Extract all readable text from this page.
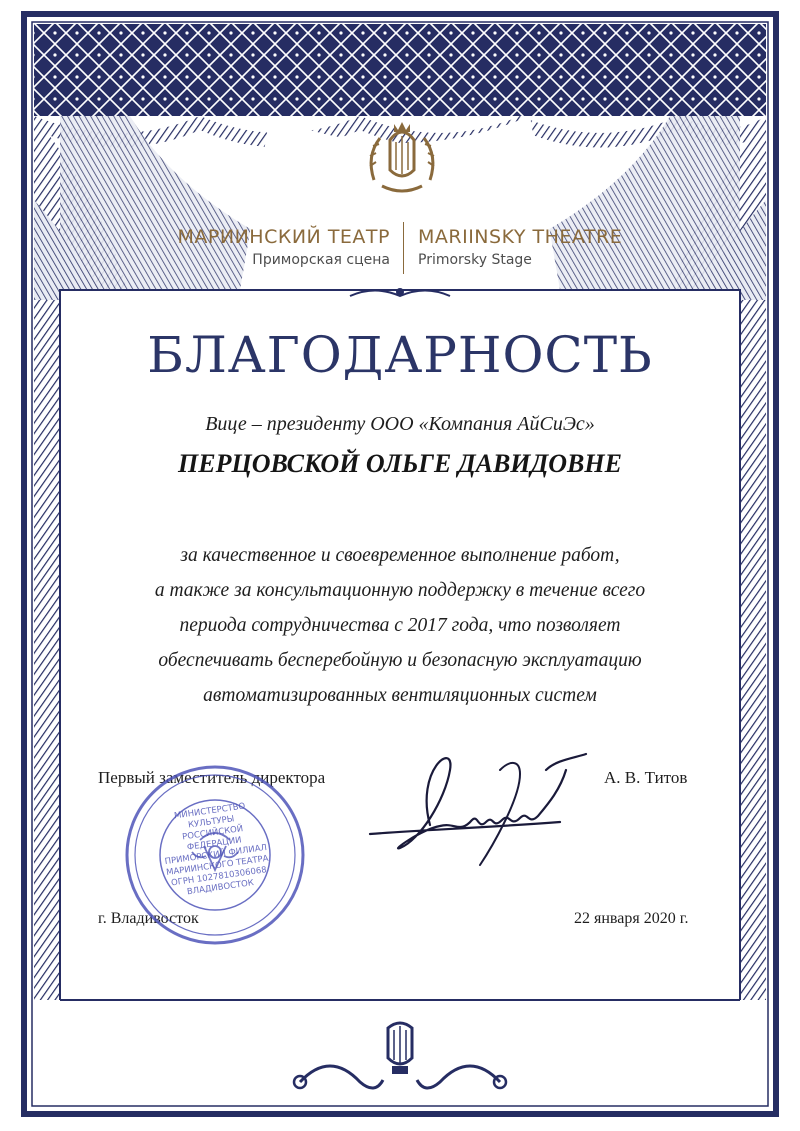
МАРИИНСКИЙ ТЕАТР
Приморская сцена
MARIINSKY THEATRE
Primorsky Stage
БЛАГОДАРНОСТЬ
Вице – президенту ООО «Компания АйСиЭс»
ПЕРЦОВСКОЙ ОЛЬГЕ ДАВИДОВНЕ
за качественное и своевременное выполнение работ,
а также за консультационную поддержку в течение всего
периода сотрудничества с 2017 года, что позволяет
обеспечивать бесперебойную и безопасную эксплуатацию
автоматизированных вентиляционных систем
Первый заместитель директора	А. В. Титов
г. Владивосток	22 января 2020 г.
МИНИСТЕРСТВО КУЛЬТУРЫ РОССИЙСКОЙ ФЕДЕРАЦИИ ПРИМОРСКИЙ ФИЛИАЛ МАРИИНСКОГО ТЕАТРА ОГРН 1027810306068 ВЛАДИВОСТОК
